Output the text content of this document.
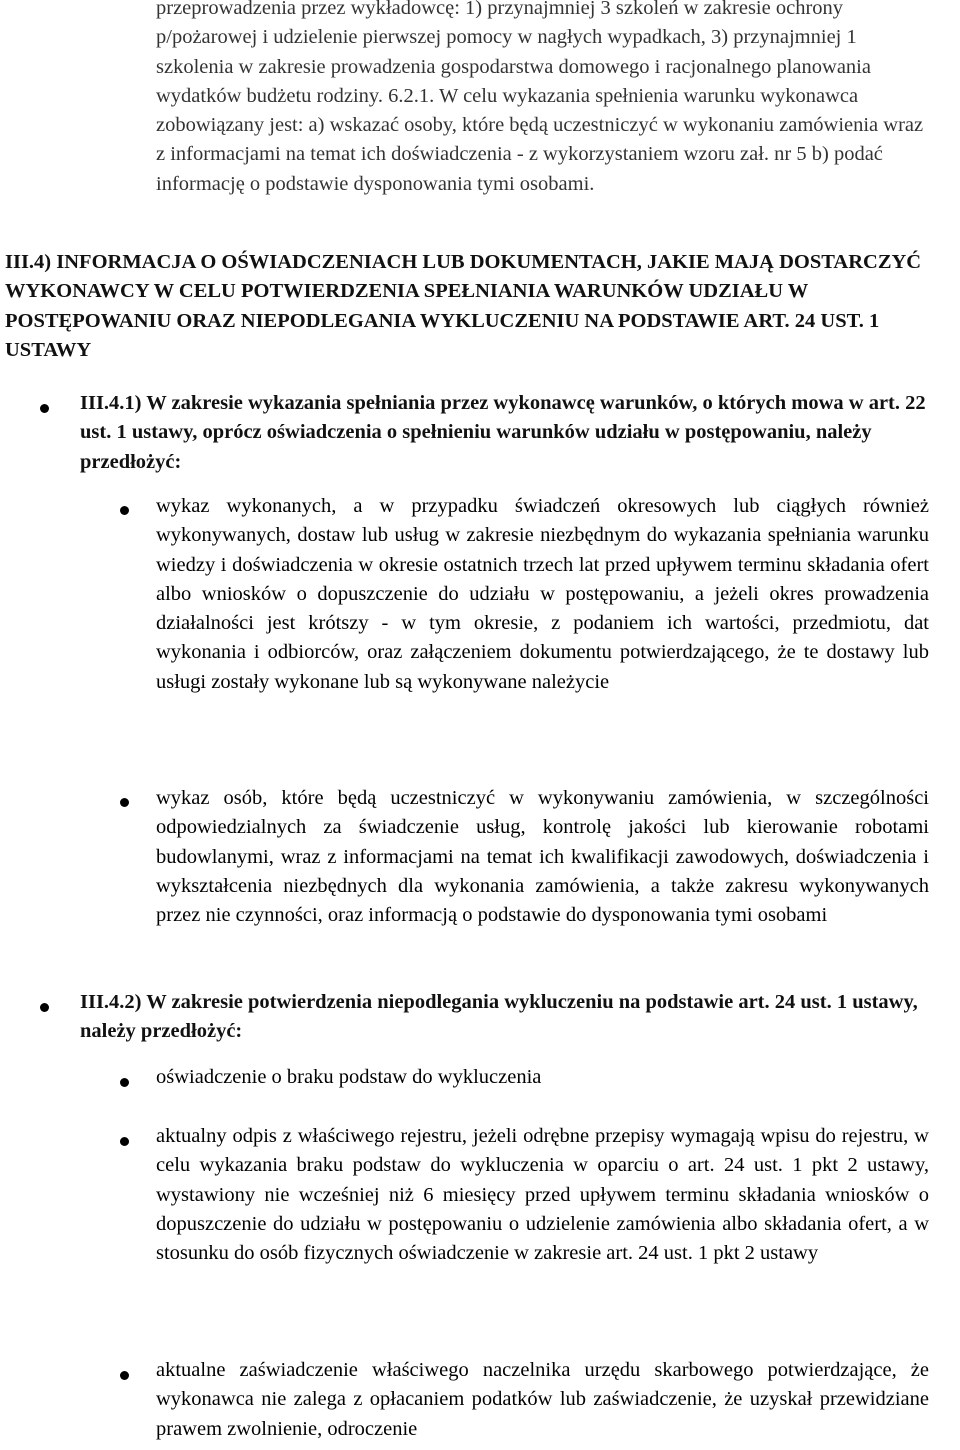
przeprowadzenia przez wykładowcę: 1) przynajmniej 3 szkoleń w zakresie ochrony p/pożarowej i udzielenie pierwszej pomocy w nagłych wypadkach, 3) przynajmniej 1 szkolenia w zakresie prowadzenia gospodarstwa domowego i racjonalnego planowania wydatków budżetu rodziny. 6.2.1. W celu wykazania spełnienia warunku wykonawca zobowiązany jest: a) wskazać osoby, które będą uczestniczyć w wykonaniu zamówienia wraz z informacjami na temat ich doświadczenia - z wykorzystaniem wzoru zał. nr 5 b) podać informację o podstawie dysponowania tymi osobami.

III.4) INFORMACJA O OŚWIADCZENIACH LUB DOKUMENTACH, JAKIE MAJĄ DOSTARCZYĆ WYKONAWCY W CELU POTWIERDZENIA SPEŁNIANIA WARUNKÓW UDZIAŁU W POSTĘPOWANIU ORAZ NIEPODLEGANIA WYKLUCZENIU NA PODSTAWIE ART. 24 UST. 1 USTAWY

III.4.1) W zakresie wykazania spełniania przez wykonawcę warunków, o których mowa w art. 22 ust. 1 ustawy, oprócz oświadczenia o spełnieniu warunków udziału w postępowaniu, należy przedłożyć:

wykaz wykonanych, a w przypadku świadczeń okresowych lub ciągłych również wykonywanych, dostaw lub usług w zakresie niezbędnym do wykazania spełniania warunku wiedzy i doświadczenia w okresie ostatnich trzech lat przed upływem terminu składania ofert albo wniosków o dopuszczenie do udziału w postępowaniu, a jeżeli okres prowadzenia działalności jest krótszy - w tym okresie, z podaniem ich wartości, przedmiotu, dat wykonania i odbiorców, oraz załączeniem dokumentu potwierdzającego, że te dostawy lub usługi zostały wykonane lub są wykonywane należycie

wykaz osób, które będą uczestniczyć w wykonywaniu zamówienia, w szczególności odpowiedzialnych za świadczenie usług, kontrolę jakości lub kierowanie robotami budowlanymi, wraz z informacjami na temat ich kwalifikacji zawodowych, doświadczenia i wykształcenia niezbędnych dla wykonania zamówienia, a także zakresu wykonywanych przez nie czynności, oraz informacją o podstawie do dysponowania tymi osobami

III.4.2) W zakresie potwierdzenia niepodlegania wykluczeniu na podstawie art. 24 ust. 1 ustawy, należy przedłożyć:

oświadczenie o braku podstaw do wykluczenia

aktualny odpis z właściwego rejestru, jeżeli odrębne przepisy wymagają wpisu do rejestru, w celu wykazania braku podstaw do wykluczenia w oparciu o art. 24 ust. 1 pkt 2 ustawy, wystawiony nie wcześniej niż 6 miesięcy przed upływem terminu składania wniosków o dopuszczenie do udziału w postępowaniu o udzielenie zamówienia albo składania ofert, a w stosunku do osób fizycznych oświadczenie w zakresie art. 24 ust. 1 pkt 2 ustawy

aktualne zaświadczenie właściwego naczelnika urzędu skarbowego potwierdzające, że wykonawca nie zalega z opłacaniem podatków lub zaświadczenie, że uzyskał przewidziane prawem zwolnienie, odroczenie
